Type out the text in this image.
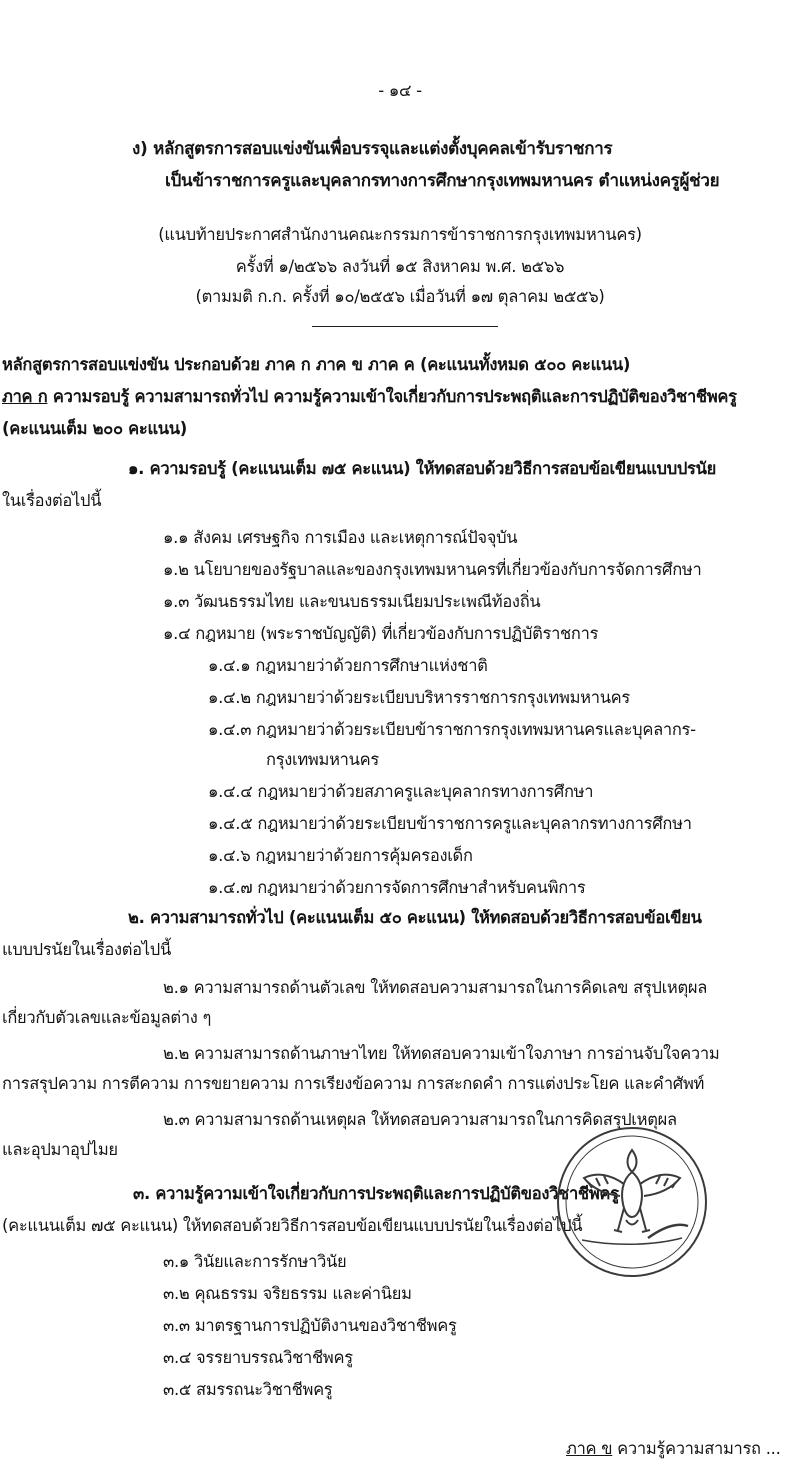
- ๑๔ -
ง) หลักสูตรการสอบแข่งขันเพื่อบรรจุและแต่งตั้งบุคคลเข้ารับราชการ
เป็นข้าราชการครูและบุคลากรทางการศึกษากรุงเทพมหานคร ตำแหน่งครูผู้ช่วย
(แนบท้ายประกาศสำนักงานคณะกรรมการข้าราชการกรุงเทพมหานคร)
ครั้งที่ ๑/๒๕๖๖ ลงวันที่ ๑๕ สิงหาคม พ.ศ. ๒๕๖๖
(ตามมติ ก.ก. ครั้งที่ ๑๐/๒๕๕๖ เมื่อวันที่ ๑๗ ตุลาคม ๒๕๕๖)
หลักสูตรการสอบแข่งขัน ประกอบด้วย ภาค ก ภาค ข ภาค ค (คะแนนทั้งหมด ๕๐๐ คะแนน)
ภาค ก ความรอบรู้ ความสามารถทั่วไป ความรู้ความเข้าใจเกี่ยวกับการประพฤติและการปฏิบัติของวิชาชีพครู
(คะแนนเต็ม ๒๐๐ คะแนน)
๑. ความรอบรู้ (คะแนนเต็ม ๗๕ คะแนน) ให้ทดสอบด้วยวิธีการสอบข้อเขียนแบบปรนัย
ในเรื่องต่อไปนี้
๑.๑ สังคม เศรษฐกิจ การเมือง และเหตุการณ์ปัจจุบัน
๑.๒ นโยบายของรัฐบาลและของกรุงเทพมหานครที่เกี่ยวข้องกับการจัดการศึกษา
๑.๓ วัฒนธรรมไทย และขนบธรรมเนียมประเพณีท้องถิ่น
๑.๔ กฎหมาย (พระราชบัญญัติ) ที่เกี่ยวข้องกับการปฏิบัติราชการ
๑.๔.๑ กฎหมายว่าด้วยการศึกษาแห่งชาติ
๑.๔.๒ กฎหมายว่าด้วยระเบียบบริหารราชการกรุงเทพมหานคร
๑.๔.๓ กฎหมายว่าด้วยระเบียบข้าราชการกรุงเทพมหานครและบุคลากร-
กรุงเทพมหานคร
๑.๔.๔ กฎหมายว่าด้วยสภาครูและบุคลากรทางการศึกษา
๑.๔.๕ กฎหมายว่าด้วยระเบียบข้าราชการครูและบุคลากรทางการศึกษา
๑.๔.๖ กฎหมายว่าด้วยการคุ้มครองเด็ก
๑.๔.๗ กฎหมายว่าด้วยการจัดการศึกษาสำหรับคนพิการ
๒. ความสามารถทั่วไป (คะแนนเต็ม ๕๐ คะแนน) ให้ทดสอบด้วยวิธีการสอบข้อเขียน
แบบปรนัยในเรื่องต่อไปนี้
๒.๑ ความสามารถด้านตัวเลข ให้ทดสอบความสามารถในการคิดเลข สรุปเหตุผล
เกี่ยวกับตัวเลขและข้อมูลต่าง ๆ
๒.๒ ความสามารถด้านภาษาไทย ให้ทดสอบความเข้าใจภาษา การอ่านจับใจความ
การสรุปความ การตีความ การขยายความ การเรียงข้อความ การสะกดคำ การแต่งประโยค และคำศัพท์
๒.๓ ความสามารถด้านเหตุผล ให้ทดสอบความสามารถในการคิดสรุปเหตุผล
และอุปมาอุปไมย
๓. ความรู้ความเข้าใจเกี่ยวกับการประพฤติและการปฏิบัติของวิชาชีพครู
(คะแนนเต็ม ๗๕ คะแนน) ให้ทดสอบด้วยวิธีการสอบข้อเขียนแบบปรนัยในเรื่องต่อไปนี้
๓.๑ วินัยและการรักษาวินัย
๓.๒ คุณธรรม จริยธรรม และค่านิยม
๓.๓ มาตรฐานการปฏิบัติงานของวิชาชีพครู
๓.๔ จรรยาบรรณวิชาชีพครู
๓.๕ สมรรถนะวิชาชีพครู
ภาค ข ความรู้ความสามารถ ...
